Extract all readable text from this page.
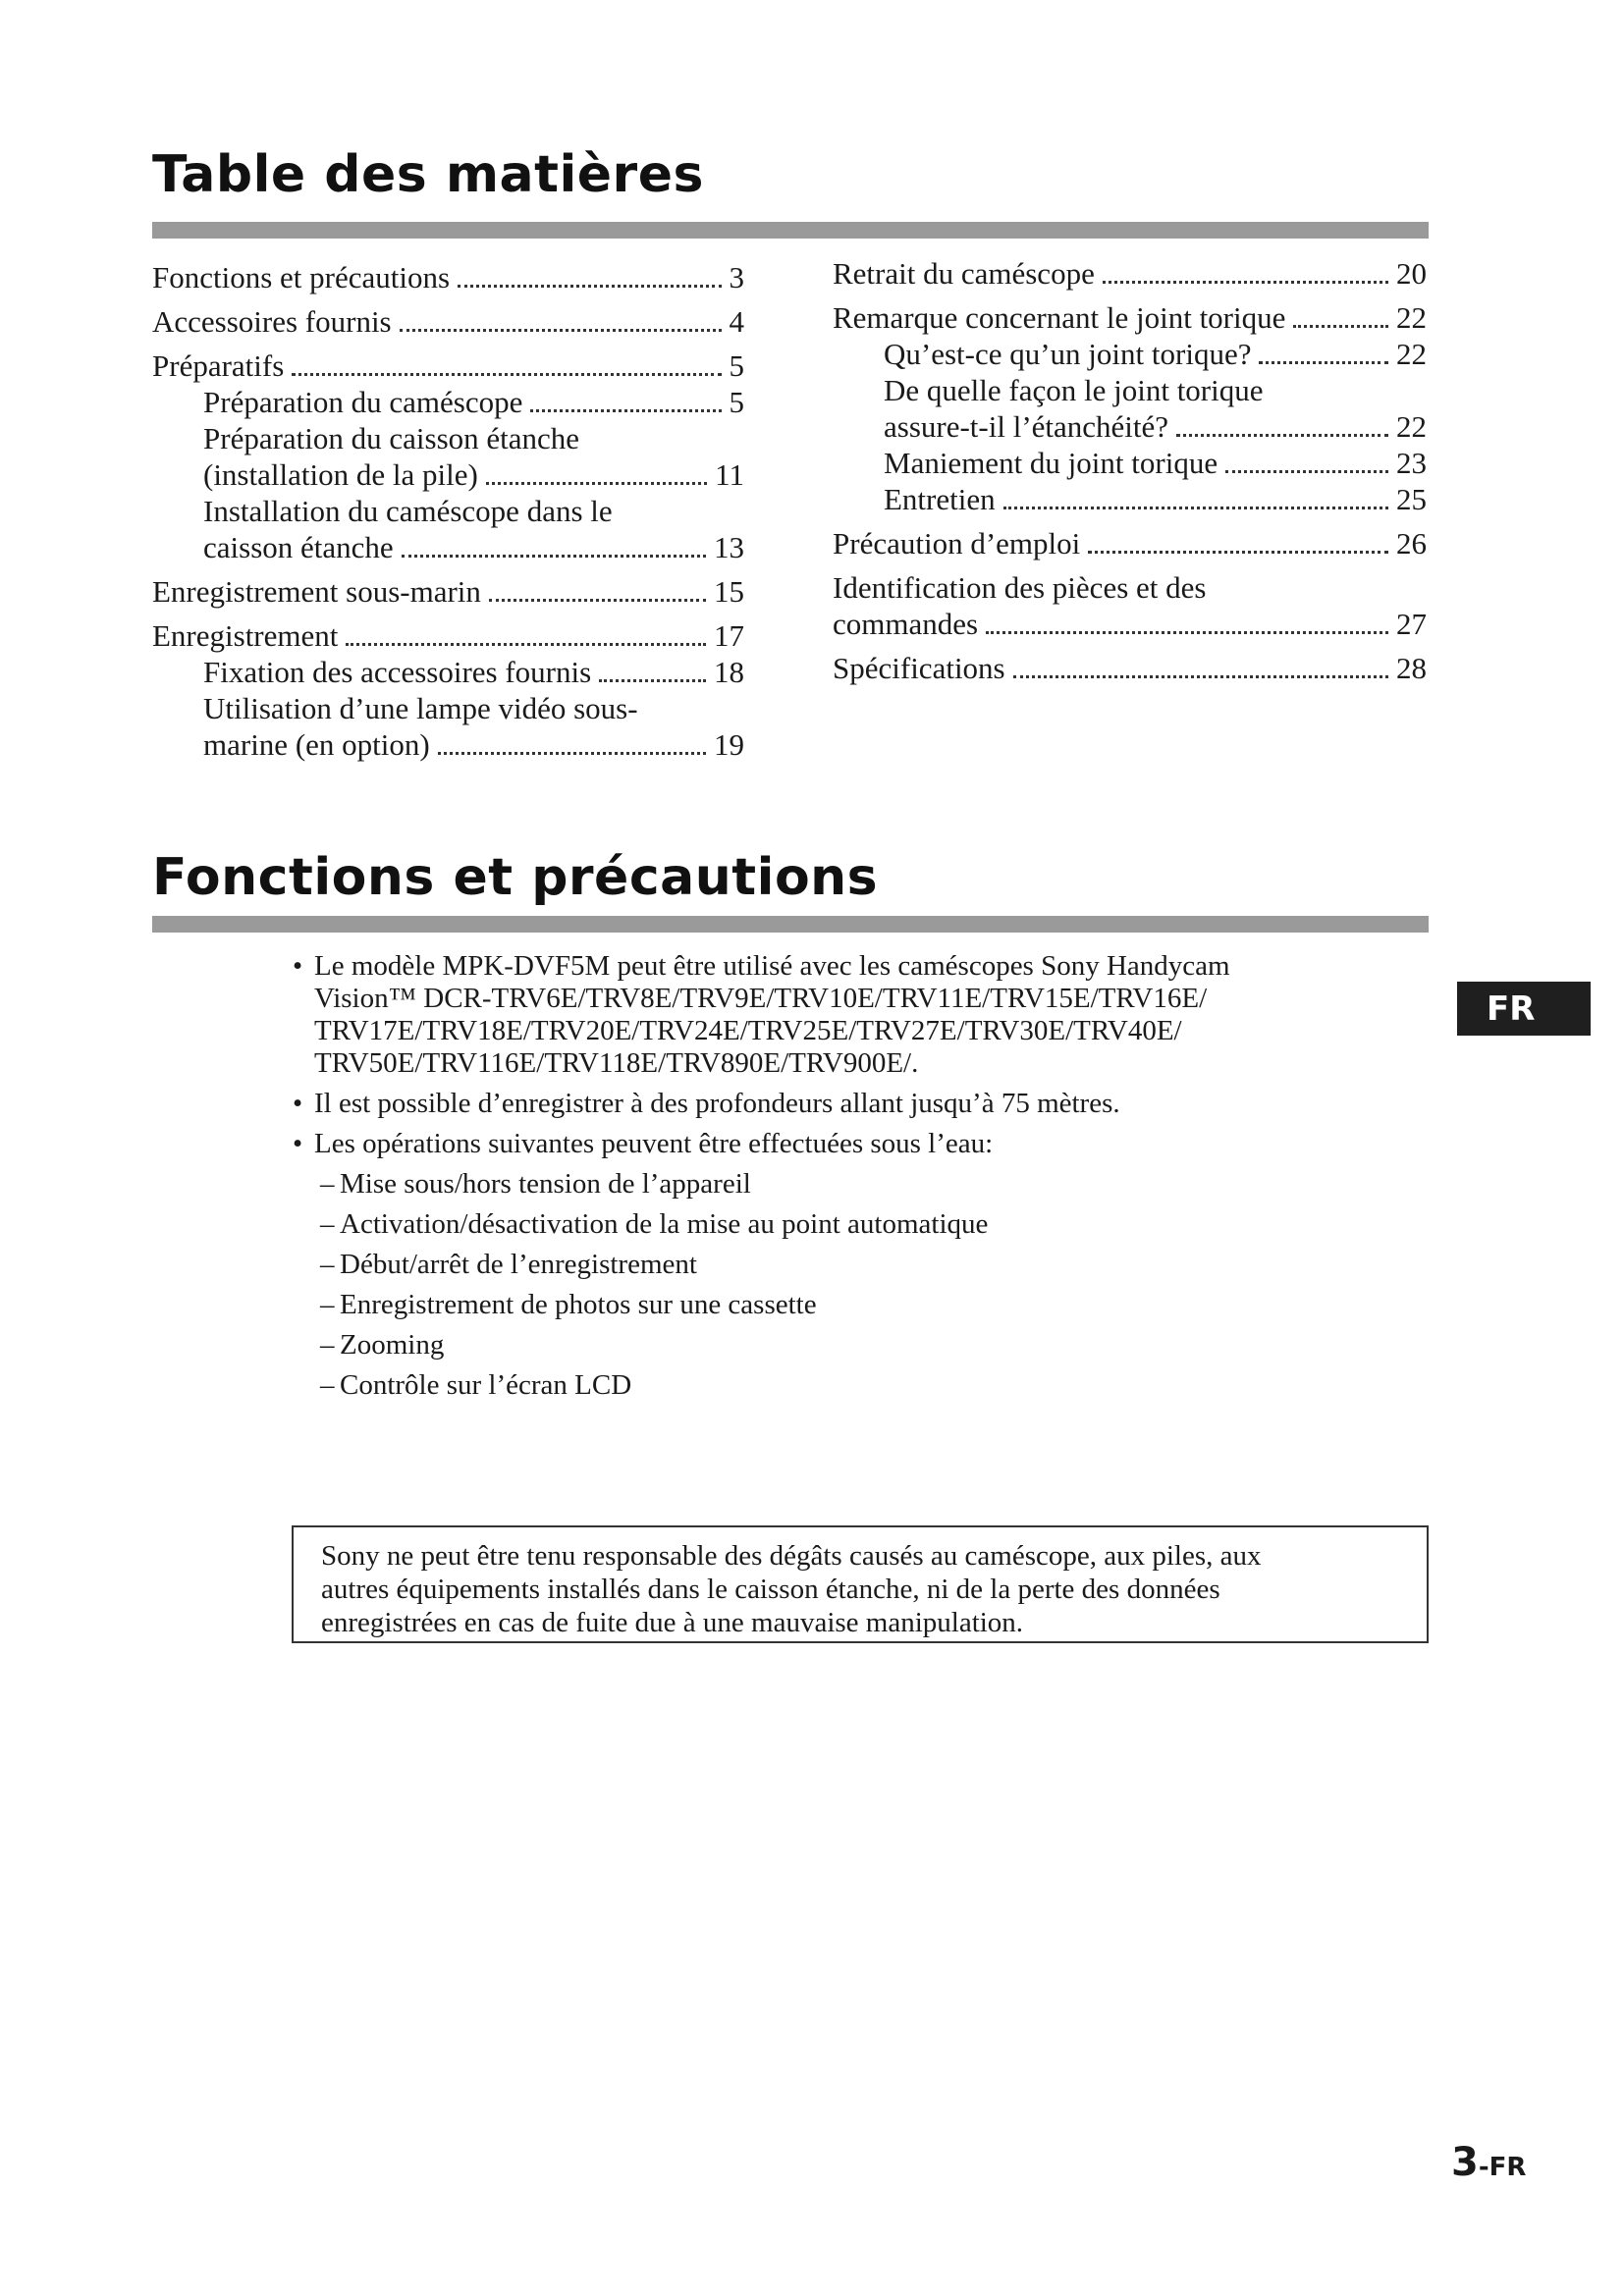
Table des matières
Fonctions et précautions	3
Accessoires fournis	4
Préparatifs	5
Préparation du caméscope	5
Préparation du caisson étanche
(installation de la pile)	11
Installation du caméscope dans le
caisson étanche	13
Enregistrement sous-marin	15
Enregistrement	17
Fixation des accessoires fournis	18
Utilisation d’une lampe vidéo sous-
marine (en option)	19
Retrait du caméscope	20
Remarque concernant le joint torique	22
Qu’est-ce qu’un joint torique?	22
De quelle façon le joint torique
assure-t-il l’étanchéité?	22
Maniement du joint torique	23
Entretien	25
Précaution d’emploi	26
Identification des pièces et des
commandes	27
Spécifications	28
Fonctions et précautions
• Le modèle MPK-DVF5M peut être utilisé avec les caméscopes Sony Handycam
Vision™ DCR-TRV6E/TRV8E/TRV9E/TRV10E/TRV11E/TRV15E/TRV16E/
TRV17E/TRV18E/TRV20E/TRV24E/TRV25E/TRV27E/TRV30E/TRV40E/
TRV50E/TRV116E/TRV118E/TRV890E/TRV900E/.
• Il est possible d’enregistrer à des profondeurs allant jusqu’à 75 mètres.
• Les opérations suivantes peuvent être effectuées sous l’eau:
– Mise sous/hors tension de l’appareil
– Activation/désactivation de la mise au point automatique
– Début/arrêt de l’enregistrement
– Enregistrement de photos sur une cassette
– Zooming
– Contrôle sur l’écran LCD
Sony ne peut être tenu responsable des dégâts causés au caméscope, aux piles, aux
autres équipements installés dans le caisson étanche, ni de la perte des données
enregistrées en cas de fuite due à une mauvaise manipulation.
FR
3-FR
